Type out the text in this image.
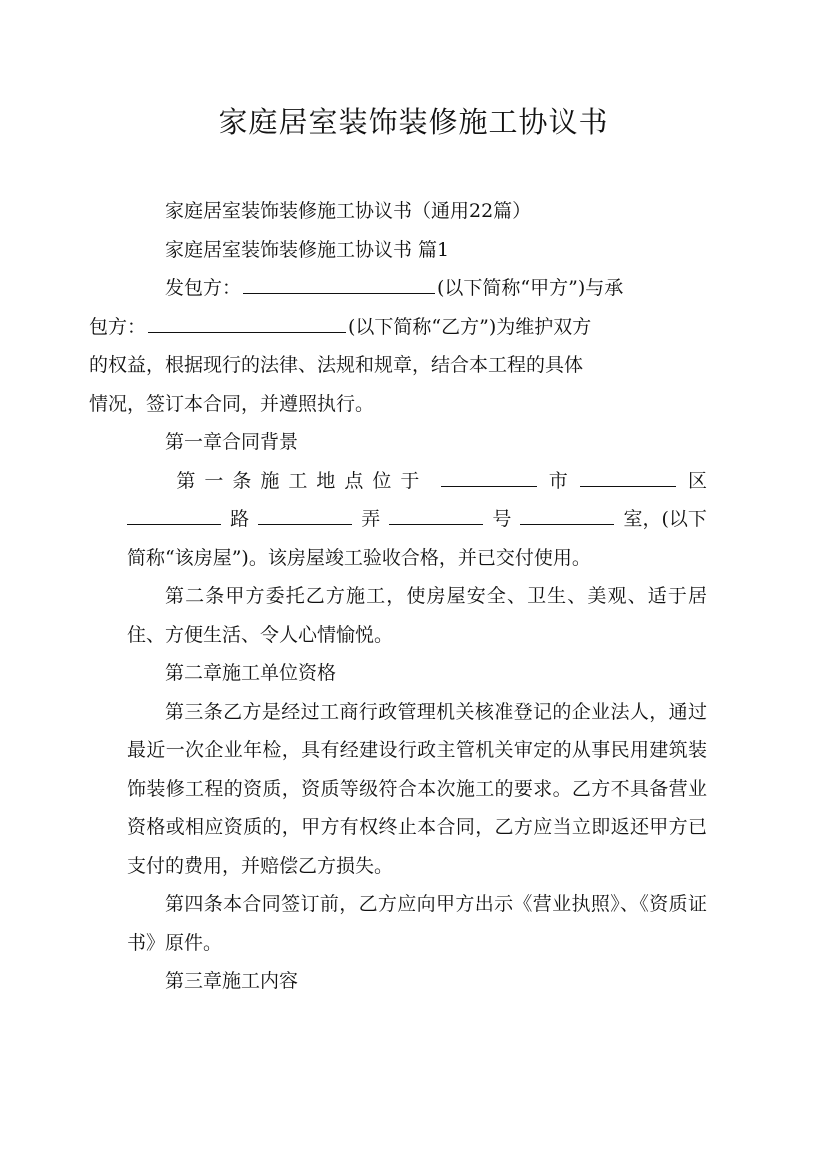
家庭居室装饰装修施工协议书

家庭居室装饰装修施工协议书（通用22篇）

家庭居室装饰装修施工协议书 篇1

发包方：	(以下简称“甲方”)与承
包方：	(以下简称“乙方”)为维护双方
的权益，根据现行的法律、法规和规章，结合本工程的具体
情况，签订本合同，并遵照执行。

第一章合同背景

第一条施工地点位于	市	区
路	弄	号	室，(以下

简称“该房屋”)。该房屋竣工验收合格，并已交付使用。

第二条甲方委托乙方施工，使房屋安全、卫生、美观、适于居住、方便生活、令人心情愉悦。

第二章施工单位资格

第三条乙方是经过工商行政管理机关核准登记的企业法人，通过最近一次企业年检，具有经建设行政主管机关审定的从事民用建筑装饰装修工程的资质，资质等级符合本次施工的要求。乙方不具备营业资格或相应资质的，甲方有权终止本合同，乙方应当立即返还甲方已支付的费用，并赔偿乙方损失。

第四条本合同签订前，乙方应向甲方出示《营业执照》、《资质证书》原件。

第三章施工内容
